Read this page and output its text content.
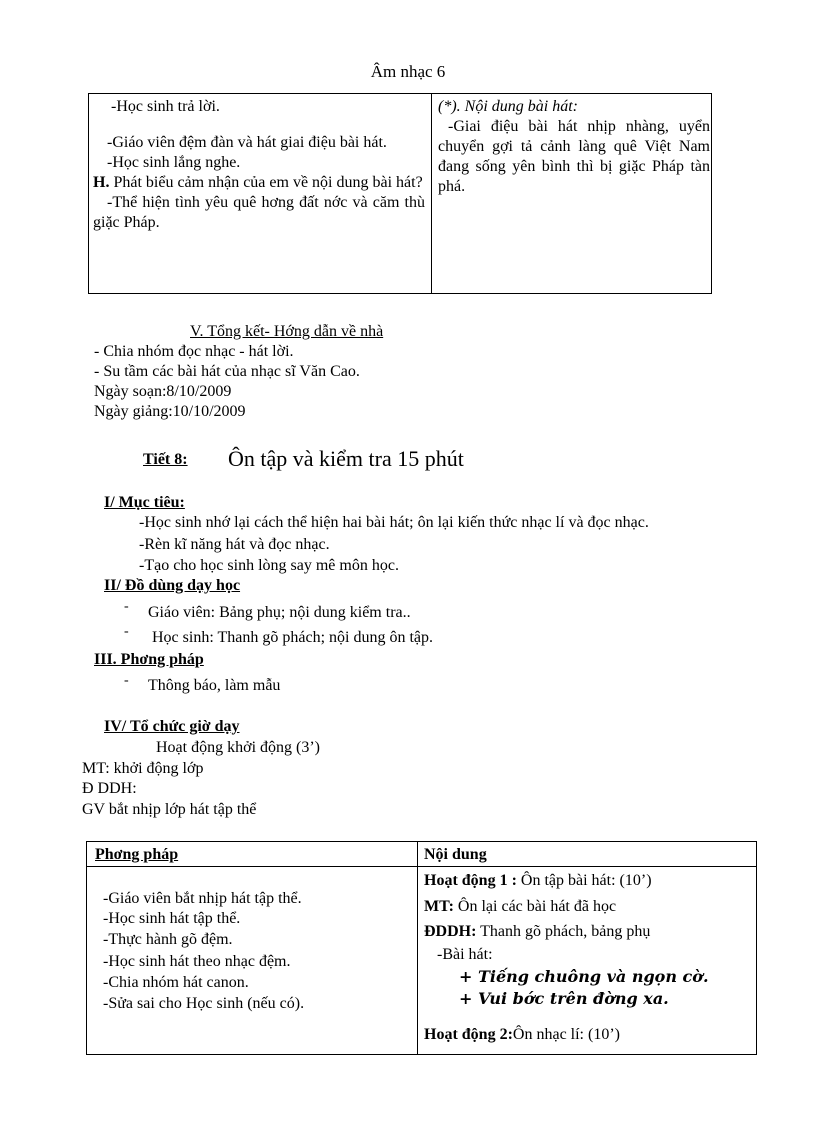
Âm nhạc 6
-Học sinh trả lời.
-Giáo viên đệm đàn và hát giai điệu bài hát.
-Học sinh lắng nghe.
H. Phát biểu cảm nhận của em về nội dung bài hát?
-Thể hiện tình yêu quê hơng đất nớc và căm thù giặc Pháp.
(*). Nội dung bài hát:
-Giai điệu bài hát nhịp nhàng, uyển chuyển gợi tả cảnh làng quê Việt Nam đang sống yên bình thì bị giặc Pháp tàn phá.
V. Tổng kết- Hớng dẫn về nhà
- Chia nhóm đọc nhạc - hát lời.
- Su tầm các bài hát của nhạc sĩ Văn Cao.
Ngày soạn:8/10/2009
Ngày giảng:10/10/2009
Tiết 8: Ôn tập và kiểm tra 15 phút
I/ Mục tiêu:
-Học sinh nhớ lại cách thể hiện hai bài hát; ôn lại kiến thức nhạc lí và đọc nhạc.
-Rèn kĩ năng hát và đọc nhạc.
-Tạo cho học sinh lòng say mê môn học.
II/ Đồ dùng dạy học
- Giáo viên: Bảng phụ; nội dung kiểm tra..
- Học sinh: Thanh gõ phách; nội dung ôn tập.
III. Phơng pháp
- Thông báo, làm mẫu
IV/ Tổ chức giờ dạy
Hoạt động khởi động (3’)
MT: khởi động lớp
Đ DDH:
GV bắt nhịp lớp hát tập thể
Phơng pháp	Nội dung
-Giáo viên bắt nhịp hát tập thể.
-Học sinh hát tập thể.
-Thực hành gõ đệm.
-Học sinh hát theo nhạc đệm.
-Chia nhóm hát canon.
-Sửa sai cho Học sinh (nếu có).
Hoạt động 1 : Ôn tập bài hát: (10’)
MT: Ôn lại các bài hát đã học
ĐDDH: Thanh gõ phách, bảng phụ
-Bài hát:
+ Tiếng chuông và ngọn cờ.
+ Vui bớc trên đờng xa.
Hoạt động 2:Ôn nhạc lí: (10’)
